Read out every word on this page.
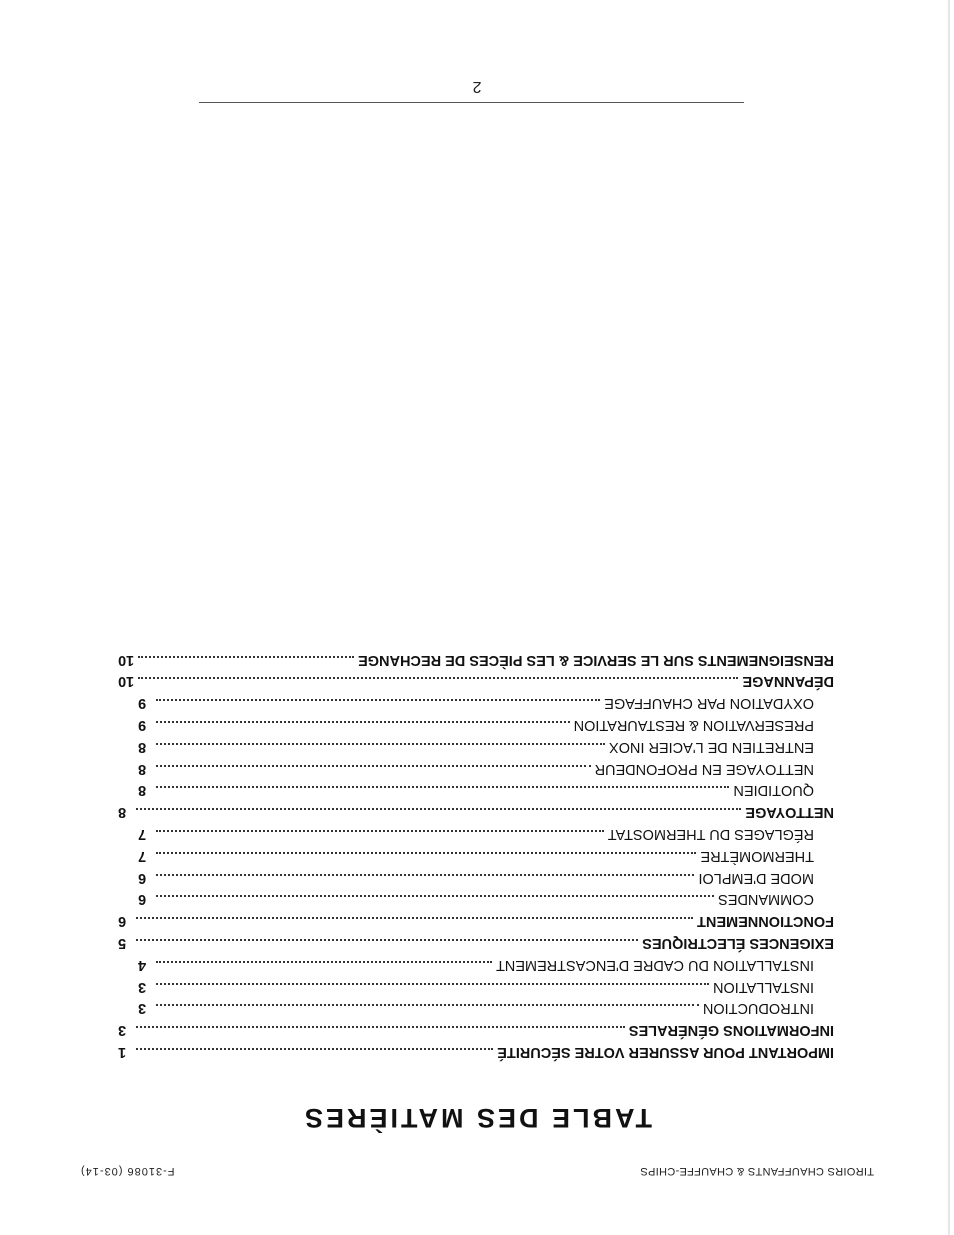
TIROIRS CHAUFFANTS & CHAUFFE-CHIPS
F-31086 (03-14)
TABLE DES MATIÈRES
IMPORTANT POUR ASSURER VOTRE SÉCURITÉ
1
INFORMATIONS GÉNÉRALES
3
INTRODUCTION
3
INSTALLATION
3
INSTALLATION DU CADRE D'ENCASTREMENT
4
EXIGENCES ÉLECTRIQUES
5
FONCTIONNEMENT
6
COMMANDES
6
MODE D'EMPLOI
6
THERMOMÈTRE
7
RÉGLAGES DU THERMOSTAT
7
NETTOYAGE
8
QUOTIDIEN
8
NETTOYAGE EN PROFONDEUR
8
ENTRETIEN DE L'ACIER INOX
8
PRESERVATION & RESTAURATION
9
OXYDATION PAR CHAUFFAGE
9
DÉPANNAGE
10
RENSEIGNEMENTS SUR LE SERVICE & LES PIÈCES DE RECHANGE
10
2
